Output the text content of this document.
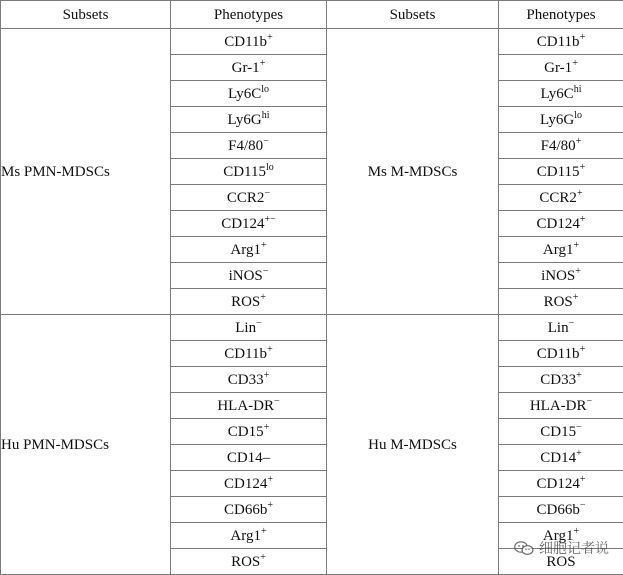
Subsets	Phenotypes	Subsets	Phenotypes
Ms PMN-MDSCs	CD11b+	Ms M-MDSCs	CD11b+
	Gr-1+		Gr-1+
	$Ly6C^{lo}$		$Ly6C^{hi}$
	$Ly6G^{hi}$		$Ly6G^{lo}$
	F4/80−		F4/80+
	$CD115^{lo}$		CD115+
	CCR2−		CCR2+
	CD124+−		CD124+
	Arg1+		Arg1+
	iNOS−		iNOS+
	ROS+		ROS+
Hu PMN-MDSCs	Lin−	Hu M-MDSCs	Lin−
	CD11b+		CD11b+
	CD33+		CD33+
	HLA-DR−		HLA-DR−
	CD15+		CD15−
	CD14–		CD14+
	CD124+		CD124+
	CD66b+		CD66b−
	Arg1+		Arg1+
	ROS+		ROS
细胞记者说
